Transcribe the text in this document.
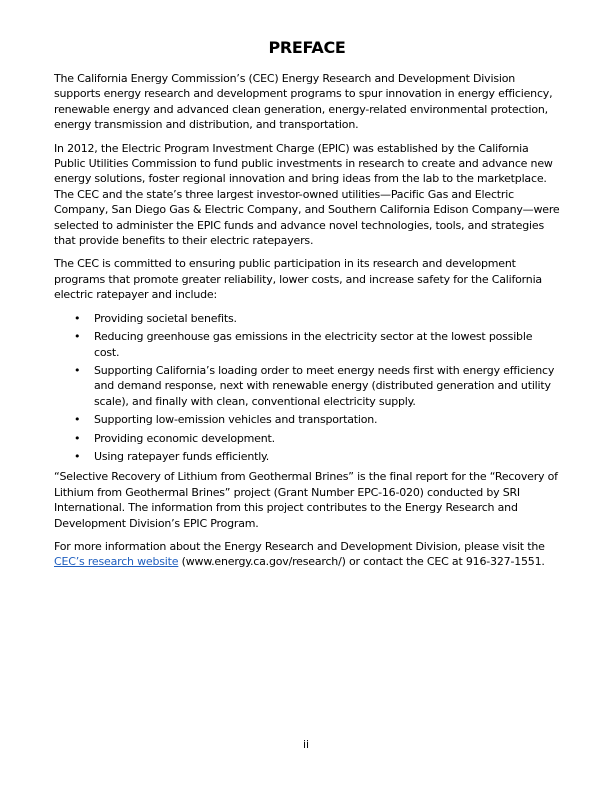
PREFACE

The California Energy Commission’s (CEC) Energy Research and Development Division supports energy research and development programs to spur innovation in energy efficiency, renewable energy and advanced clean generation, energy-related environmental protection, energy transmission and distribution, and transportation.

In 2012, the Electric Program Investment Charge (EPIC) was established by the California Public Utilities Commission to fund public investments in research to create and advance new energy solutions, foster regional innovation and bring ideas from the lab to the marketplace. The CEC and the state’s three largest investor-owned utilities—Pacific Gas and Electric Company, San Diego Gas & Electric Company, and Southern California Edison Company—were selected to administer the EPIC funds and advance novel technologies, tools, and strategies that provide benefits to their electric ratepayers.

The CEC is committed to ensuring public participation in its research and development programs that promote greater reliability, lower costs, and increase safety for the California electric ratepayer and include:

• Providing societal benefits.
• Reducing greenhouse gas emissions in the electricity sector at the lowest possible cost.
• Supporting California’s loading order to meet energy needs first with energy efficiency and demand response, next with renewable energy (distributed generation and utility scale), and finally with clean, conventional electricity supply.
• Supporting low-emission vehicles and transportation.
• Providing economic development.
• Using ratepayer funds efficiently.

“Selective Recovery of Lithium from Geothermal Brines” is the final report for the “Recovery of Lithium from Geothermal Brines” project (Grant Number EPC-16-020) conducted by SRI International. The information from this project contributes to the Energy Research and Development Division’s EPIC Program.

For more information about the Energy Research and Development Division, please visit the CEC’s research website (www.energy.ca.gov/research/) or contact the CEC at 916-327-1551.

ii
